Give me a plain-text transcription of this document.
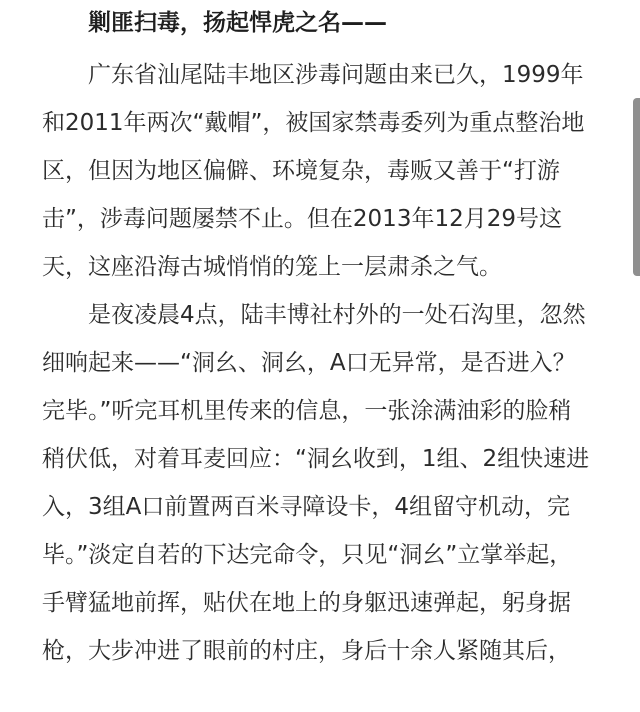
剿匪扫毒，扬起悍虎之名——

广东省汕尾陆丰地区涉毒问题由来已久，1999年
和2011年两次“戴帽”，被国家禁毒委列为重点整治地
区，但因为地区偏僻、环境复杂，毒贩又善于“打游
击”，涉毒问题屡禁不止。但在2013年12月29号这
天，这座沿海古城悄悄的笼上一层肃杀之气。

是夜凌晨4点，陆丰博社村外的一处石沟里，忽然
细响起来——“洞幺、洞幺，A口无异常，是否进入？
完毕。”听完耳机里传来的信息，一张涂满油彩的脸稍
稍伏低，对着耳麦回应：“洞幺收到，1组、2组快速进
入，3组A口前置两百米寻障设卡，4组留守机动，完
毕。”淡定自若的下达完命令，只见“洞幺”立掌举起，
手臂猛地前挥，贴伏在地上的身躯迅速弹起，躬身据
枪，大步冲进了眼前的村庄，身后十余人紧随其后，
